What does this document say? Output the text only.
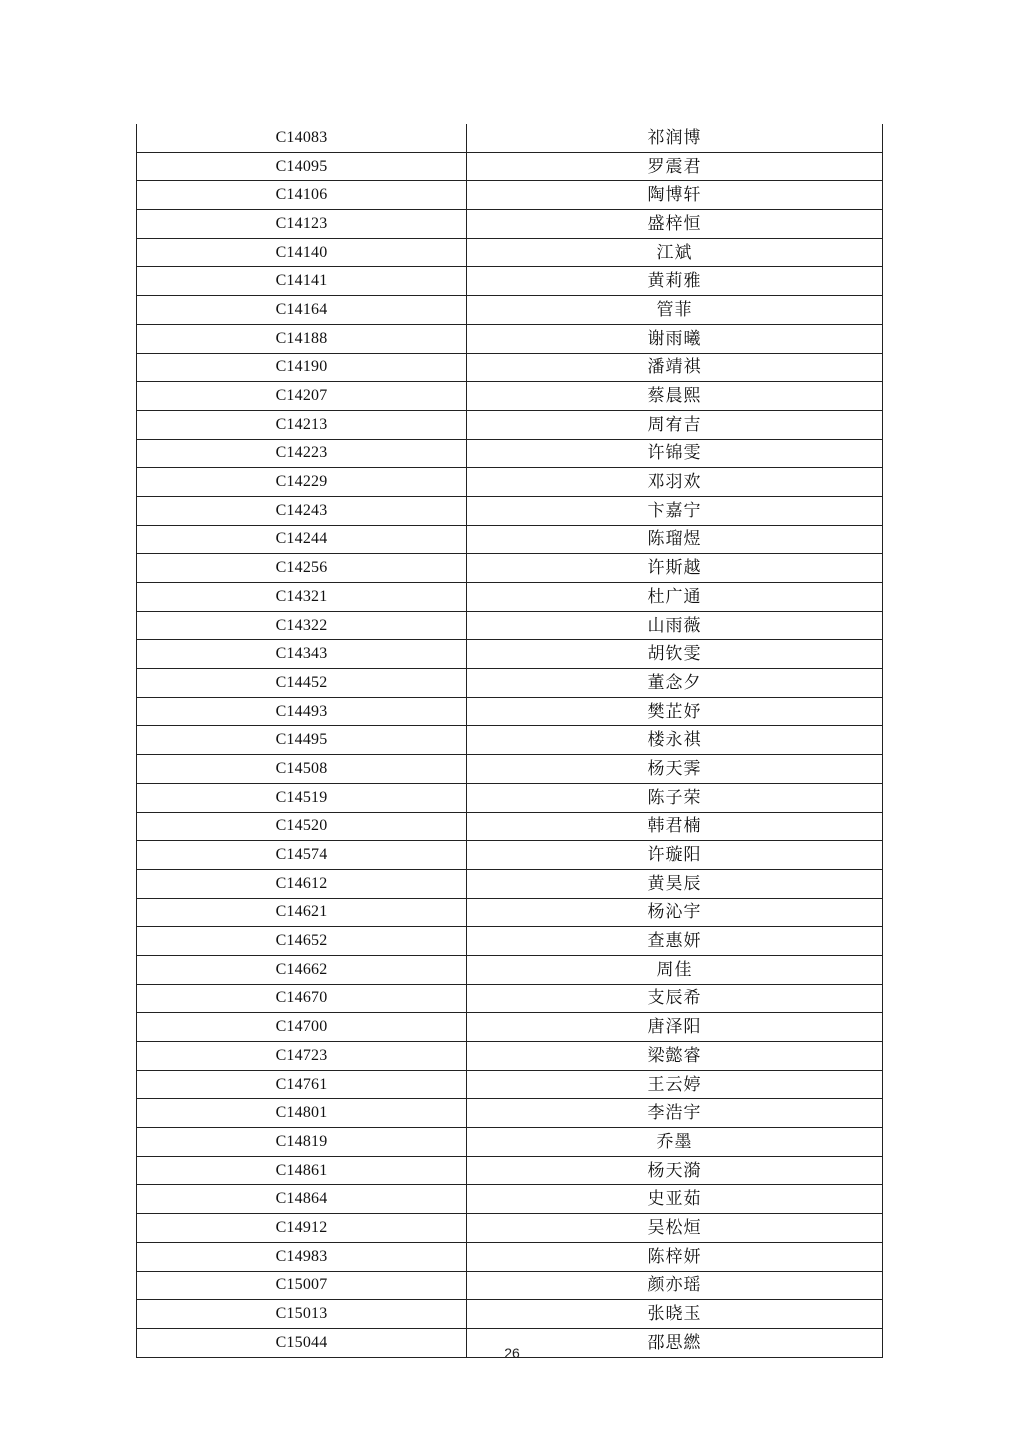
C14083	祁润博
C14095	罗震君
C14106	陶博轩
C14123	盛梓恒
C14140	江斌
C14141	黄莉雅
C14164	管菲
C14188	谢雨曦
C14190	潘靖祺
C14207	蔡晨熙
C14213	周宥吉
C14223	许锦雯
C14229	邓羽欢
C14243	卞嘉宁
C14244	陈瑠煜
C14256	许斯越
C14321	杜广通
C14322	山雨薇
C14343	胡钦雯
C14452	董念夕
C14493	樊芷妤
C14495	楼永祺
C14508	杨天霁
C14519	陈子荣
C14520	韩君楠
C14574	许璇阳
C14612	黄昊辰
C14621	杨沁宇
C14652	查惠妍
C14662	周佳
C14670	支辰希
C14700	唐泽阳
C14723	梁懿睿
C14761	王云婷
C14801	李浩宇
C14819	乔墨
C14861	杨天漪
C14864	史亚茹
C14912	吴松烜
C14983	陈梓妍
C15007	颜亦瑶
C15013	张晓玉
C15044	邵思繎
26
